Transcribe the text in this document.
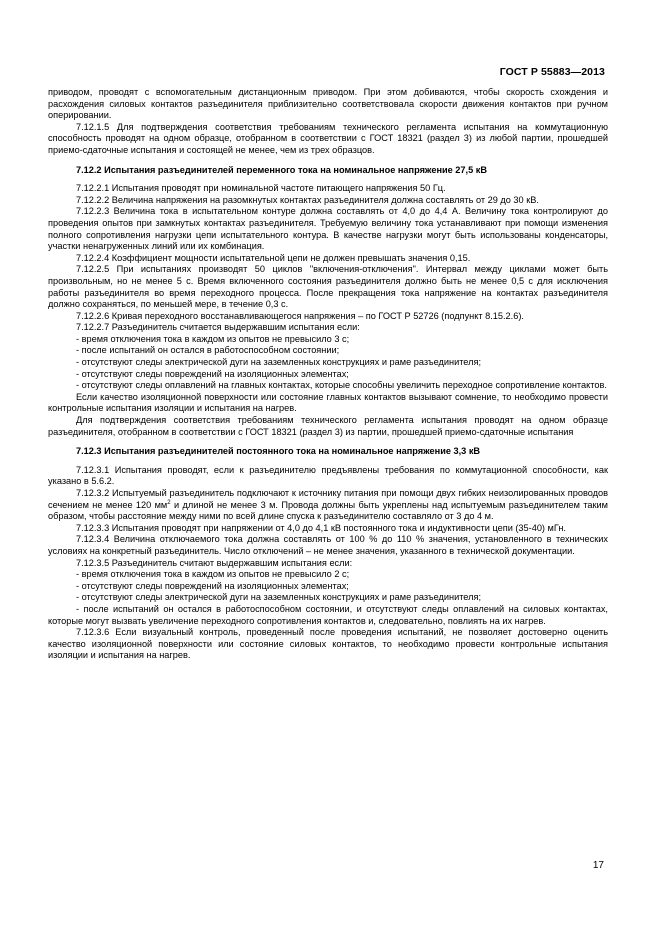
ГОСТ Р 55883—2013

приводом, проводят с вспомогательным дистанционным приводом. При этом добиваются, чтобы скорость схождения и расхождения силовых контактов разъединителя приблизительно соответствовала скорости движения контактов при ручном оперировании.

7.12.1.5 Для подтверждения соответствия требованиям технического регламента испытания на коммутационную способность проводят на одном образце, отобранном в соответствии с ГОСТ 18321 (раздел 3) из любой партии, прошедшей приемо-сдаточные испытания и состоящей не менее, чем из трех образцов.

7.12.2 Испытания разъединителей переменного тока на номинальное напряжение 27,5 кВ

7.12.2.1 Испытания проводят при номинальной частоте питающего напряжения 50 Гц.

7.12.2.2 Величина напряжения на разомкнутых контактах разъединителя должна составлять от 29 до 30 кВ.

7.12.2.3 Величина тока в испытательном контуре должна составлять от 4,0 до 4,4 А. Величину тока контролируют до проведения опытов при замкнутых контактах разъединителя. Требуемую величину тока устанавливают при помощи изменения полного сопротивления нагрузки цепи испытательного контура. В качестве нагрузки могут быть использованы конденсаторы, участки ненагруженных линий или их комбинация.

7.12.2.4 Коэффициент мощности испытательной цепи не должен превышать значения 0,15.

7.12.2.5 При испытаниях производят 50 циклов "включения-отключения". Интервал между циклами может быть произвольным, но не менее 5 с. Время включенного состояния разъединителя должно быть не менее 0,5 с для исключения работы разъединителя во время переходного процесса. После прекращения тока напряжение на контактах разъединителя должно сохраняться, по меньшей мере, в течение 0,3 с.

7.12.2.6 Кривая переходного восстанавливающегося напряжения – по ГОСТ Р 52726 (подпункт 8.15.2.6).

7.12.2.7 Разъединитель считается выдержавшим испытания если:

- время отключения тока в каждом из опытов не превысило 3 с;

- после испытаний он остался в работоспособном состоянии;

- отсутствуют следы электрической дуги на заземленных конструкциях и раме разъединителя;

- отсутствуют следы повреждений на изоляционных элементах;

- отсутствуют следы оплавлений на главных контактах, которые способны увеличить переходное сопротивление контактов.

Если качество изоляционной поверхности или состояние главных контактов вызывают сомнение, то необходимо провести контрольные испытания изоляции и испытания на нагрев.

Для подтверждения соответствия требованиям технического регламента испытания проводят на одном образце разъединителя, отобранном в соответствии с ГОСТ 18321 (раздел 3) из партии, прошедшей приемо-сдаточные испытания

7.12.3 Испытания разъединителей постоянного тока на номинальное напряжение 3,3 кВ

7.12.3.1 Испытания проводят, если к разъединителю предъявлены требования по коммутационной способности, как указано в 5.6.2.

7.12.3.2 Испытуемый разъединитель подключают к источнику питания при помощи двух гибких неизолированных проводов сечением не менее 120 $мм^2$ и длиной не менее 3 м. Провода должны быть укреплены над испытуемым разъединителем таким образом, чтобы расстояние между ними по всей длине спуска к разъединителю составляло от 3 до 4 м.

7.12.3.3 Испытания проводят при напряжении от 4,0 до 4,1 кВ постоянного тока и индуктивности цепи (35-40) мГн.

7.12.3.4 Величина отключаемого тока должна составлять от 100 % до 110 % значения, установленного в технических условиях на конкретный разъединитель. Число отключений – не менее значения, указанного в технической документации.

7.12.3.5 Разъединитель считают выдержавшим испытания если:

- время отключения тока в каждом из опытов не превысило 2 с;

- отсутствуют следы повреждений на изоляционных элементах;

- отсутствуют следы электрической дуги на заземленных конструкциях и раме разъединителя;

- после испытаний он остался в работоспособном состоянии, и отсутствуют следы оплавлений на силовых контактах, которые могут вызвать увеличение переходного сопротивления контактов и, следовательно, повлиять на их нагрев.

7.12.3.6 Если визуальный контроль, проведенный после проведения испытаний, не позволяет достоверно оценить качество изоляционной поверхности или состояние силовых контактов, то необходимо провести контрольные испытания изоляции и испытания на нагрев.

17
